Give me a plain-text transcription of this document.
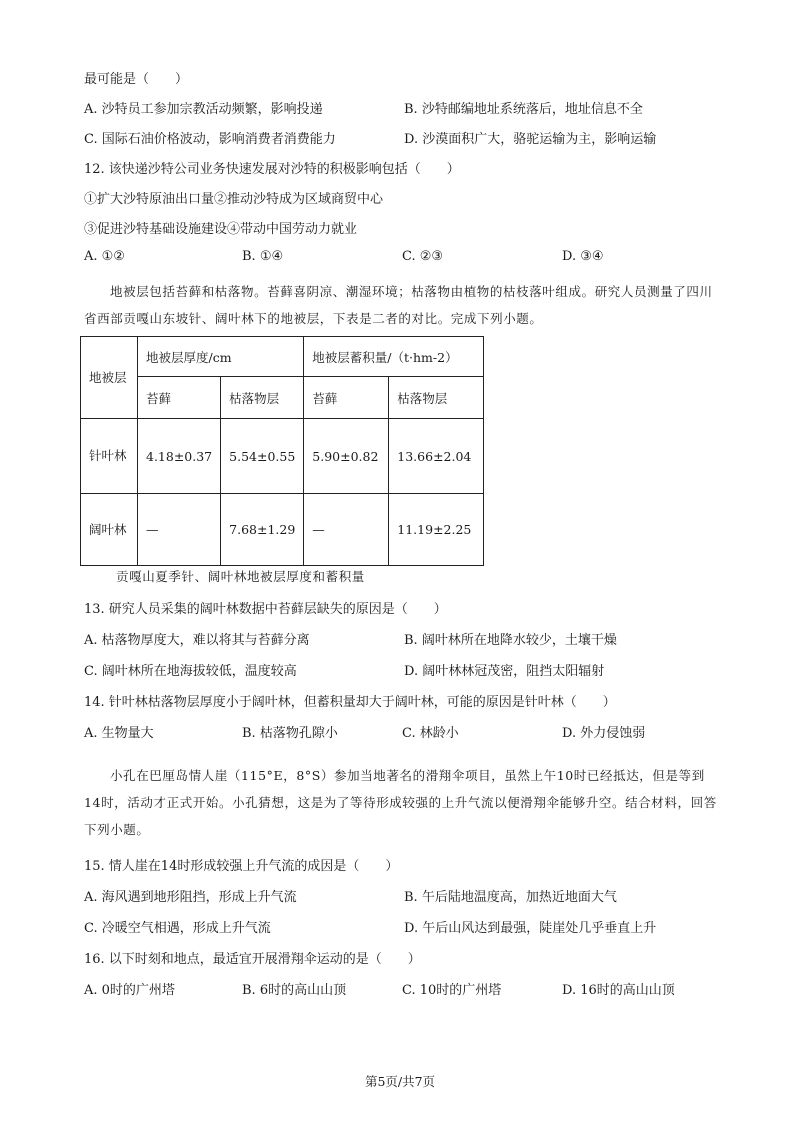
最可能是（　　）
A. 沙特员工参加宗教活动频繁，影响投递	B. 沙特邮编地址系统落后，地址信息不全
C. 国际石油价格波动，影响消费者消费能力	D. 沙漠面积广大，骆驼运输为主，影响运输
12. 该快递沙特公司业务快速发展对沙特的积极影响包括（　　）
①扩大沙特原油出口量②推动沙特成为区域商贸中心
③促进沙特基础设施建设④带动中国劳动力就业
A. ①②	B. ①④	C. ②③	D. ③④
地被层包括苔藓和枯落物。苔藓喜阴凉、潮湿环境；枯落物由植物的枯枝落叶组成。研究人员测量了四川省西部贡嘎山东坡针、阔叶林下的地被层，下表是二者的对比。完成下列小题。
地被层	地被层厚度/cm		地被层蓄积量/（t·hm-2）	
	苔藓	枯落物层	苔藓	枯落物层
针叶林	4.18±0.37	5.54±0.55	5.90±0.82	13.66±2.04
阔叶林	—	7.68±1.29	—	11.19±2.25
贡嘎山夏季针、阔叶林地被层厚度和蓄积量
13. 研究人员采集的阔叶林数据中苔藓层缺失的原因是（　　）
A. 枯落物厚度大，难以将其与苔藓分离	B. 阔叶林所在地降水较少，土壤干燥
C. 阔叶林所在地海拔较低，温度较高	D. 阔叶林林冠茂密，阻挡太阳辐射
14. 针叶林枯落物层厚度小于阔叶林，但蓄积量却大于阔叶林，可能的原因是针叶林（　　）
A. 生物量大	B. 枯落物孔隙小	C. 林龄小	D. 外力侵蚀弱
小孔在巴厘岛情人崖（115°E，8°S）参加当地著名的滑翔伞项目，虽然上午10时已经抵达，但是等到14时，活动才正式开始。小孔猜想，这是为了等待形成较强的上升气流以便滑翔伞能够升空。结合材料，回答下列小题。
15. 情人崖在14时形成较强上升气流的成因是（　　）
A. 海风遇到地形阻挡，形成上升气流	B. 午后陆地温度高，加热近地面大气
C. 冷暖空气相遇，形成上升气流	D. 午后山风达到最强，陡崖处几乎垂直上升
16. 以下时刻和地点，最适宜开展滑翔伞运动的是（　　）
A. 0时的广州塔	B. 6时的高山山顶	C. 10时的广州塔	D. 16时的高山山顶
第5页/共7页
